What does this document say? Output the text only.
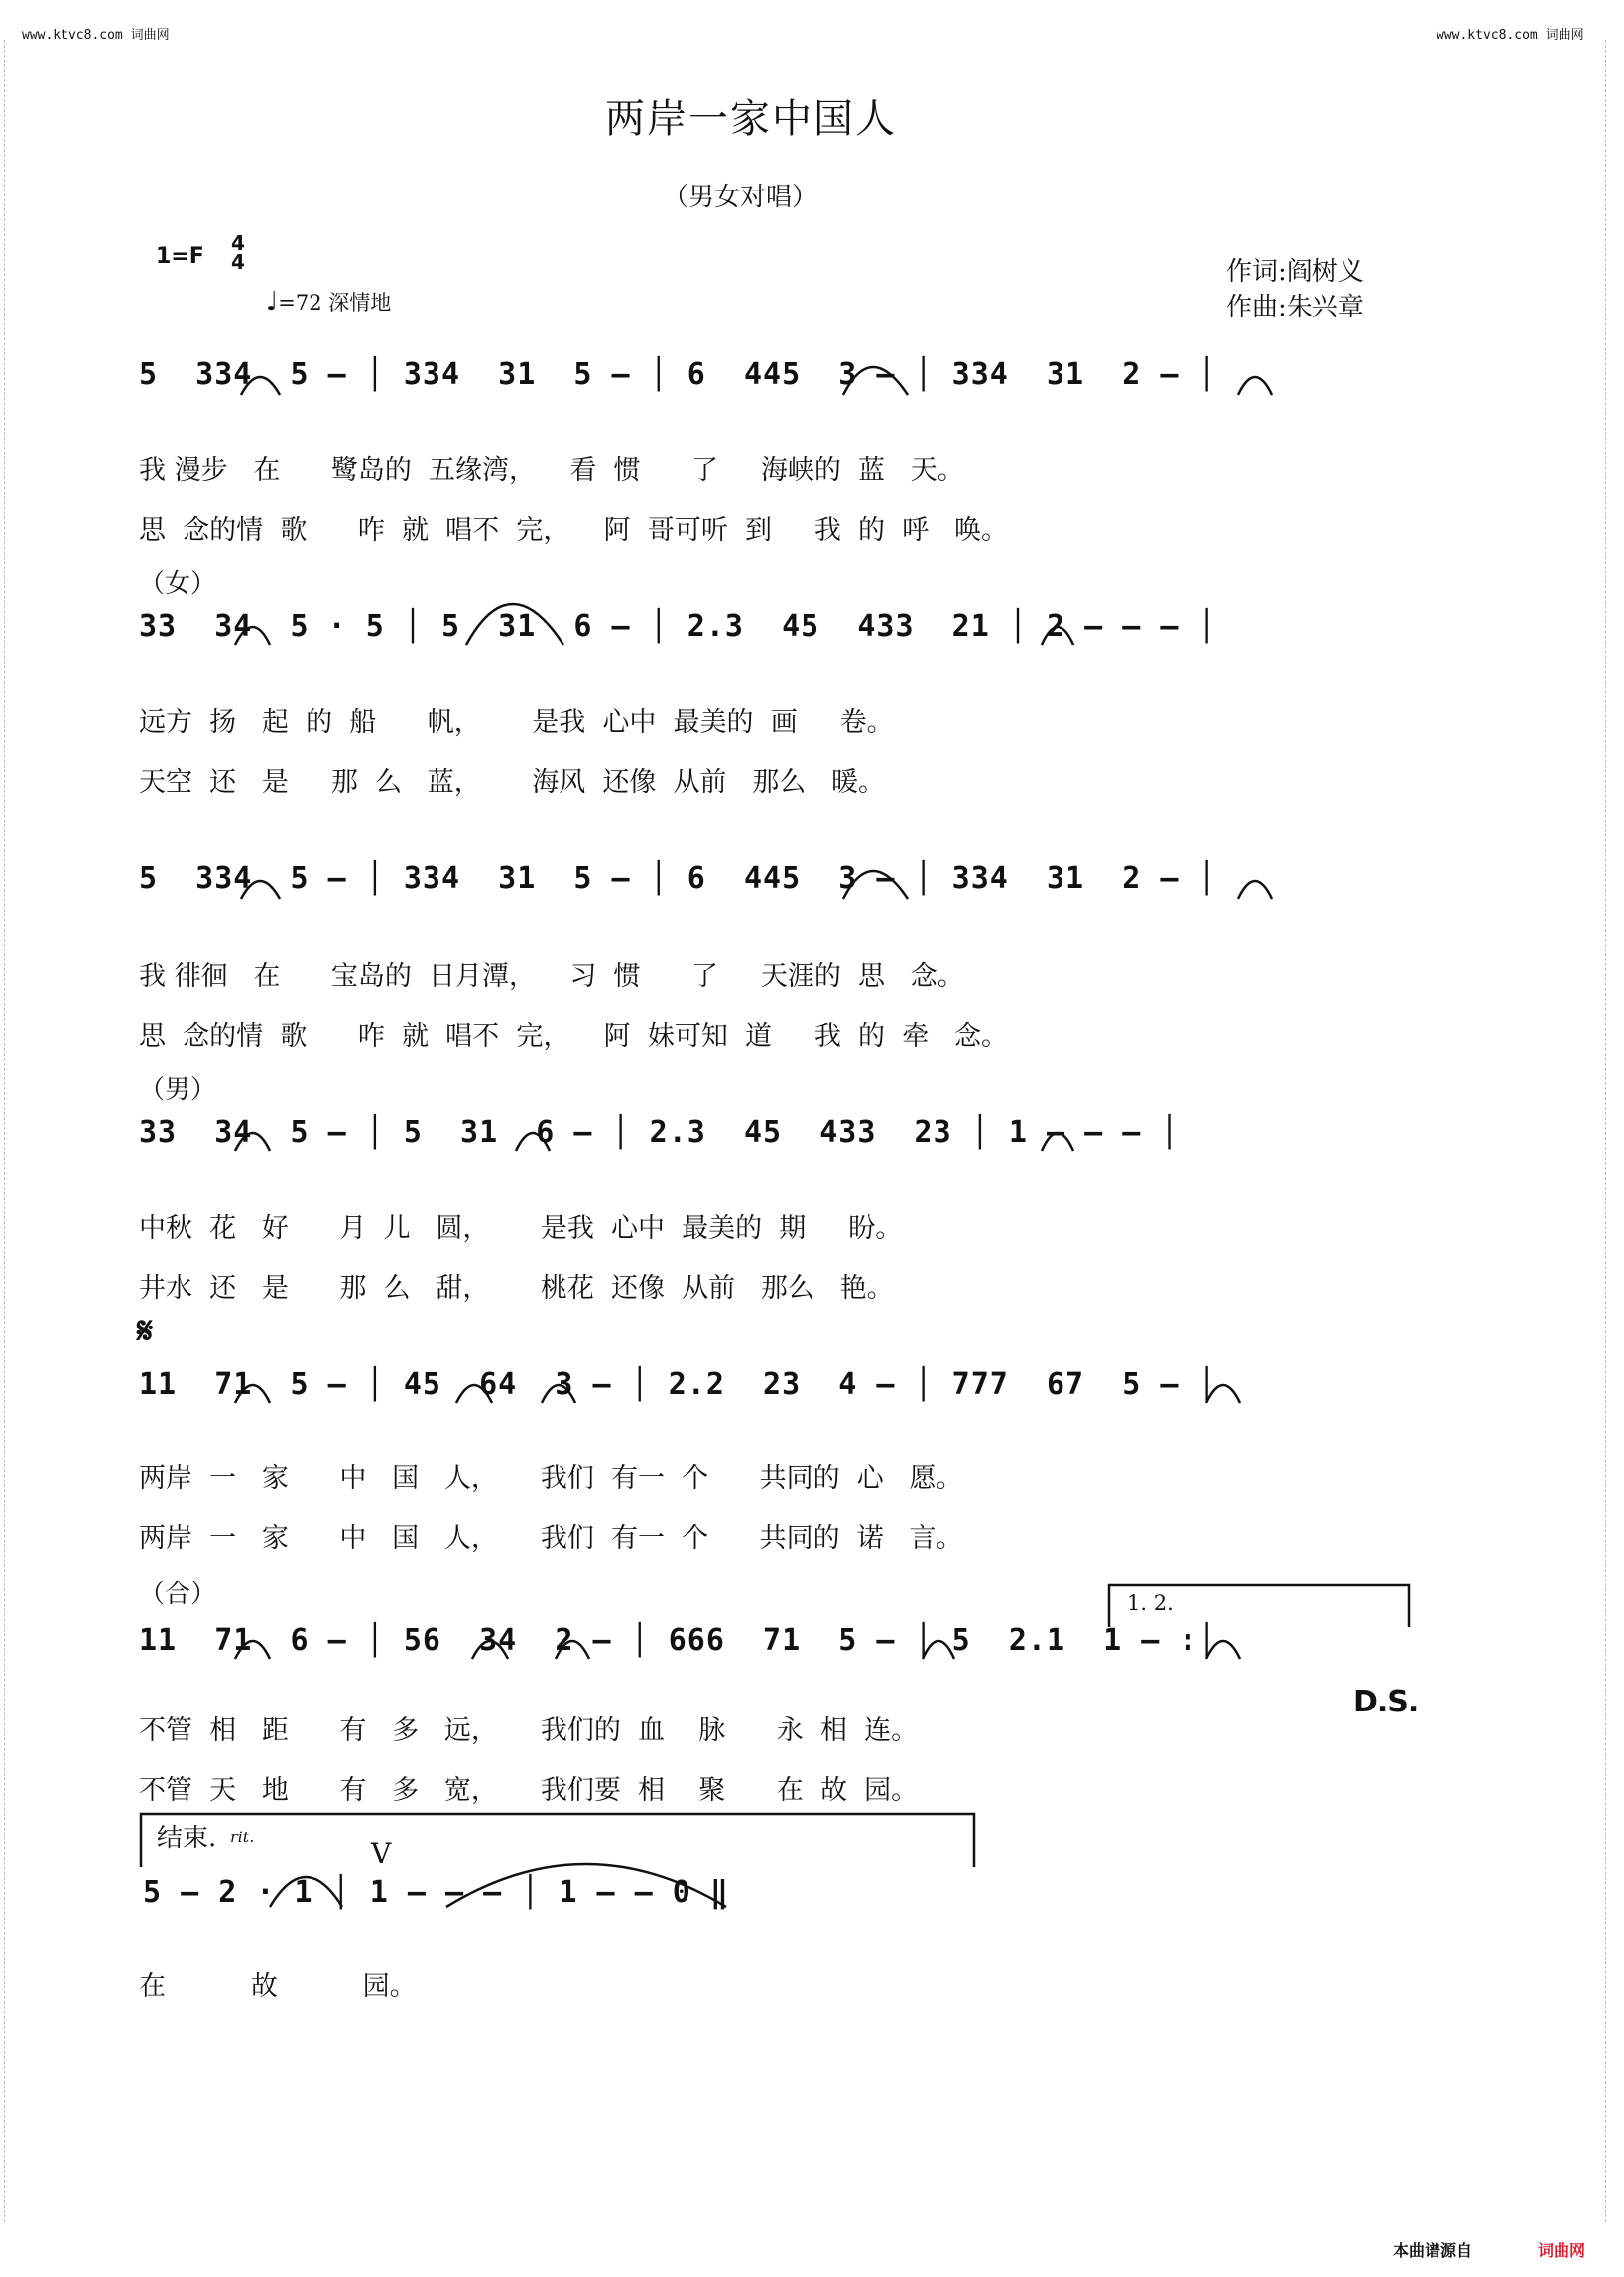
www.ktvc8.com 词曲网	www.ktvc8.com 词曲网
两岸一家中国人
（男女对唱）
1=F
4
4
♩=72 深情地
作词:阎树义
作曲:朱兴章
5  334  5 — │ 334  31  5 — │ 6  445  3 — │ 334  31  2 — │
我 漫步   在      鹭岛的  五缘湾，    看  惯      了     海峡的  蓝   天。
思  念的情  歌      咋  就  唱不  完，    阿  哥可听  到     我  的  呼   唤。
（女）
33  34  5 · 5 │ 5  31  6 — │ 2.3  45  433  21 │ 2 — — — │
远方  扬   起  的  船      帆，      是我  心中  最美的  画     卷。
天空  还   是     那  么   蓝，      海风  还像  从前   那么   暖。
5  334  5 — │ 334  31  5 — │ 6  445  3 — │ 334  31  2 — │
我 徘徊   在      宝岛的  日月潭，    习  惯      了     天涯的  思   念。
思  念的情  歌      咋  就  唱不  完，    阿  妹可知  道     我  的  牵   念。
（男）
33  34  5 — │ 5  31  6 — │ 2.3  45  433  23 │ 1 — — — │
中秋  花   好      月  儿   圆，      是我  心中  最美的  期     盼。
井水  还   是      那  么   甜，      桃花  还像  从前   那么   艳。
𝄋
11  71  5 — │ 45  64  3 — │ 2.2  23  4 — │ 777  67  5 — │
两岸  一   家      中   国   人，     我们  有一  个      共同的  心   愿。
两岸  一   家      中   国   人，     我们  有一  个      共同的  诺   言。
（合）	1. 2.
11  71  6 — │ 56  34  2 — │ 666  71  5 — │ 5  2.1  1 — :│
D.S.
不管  相   距      有   多   远，     我们的  血    脉      永  相  连。
不管  天   地      有   多   宽，     我们要  相    聚      在  故  园。
结束. rit.
V
5 — 2 · 1 │ 1 — — — │ 1 — — 0 ‖
在          故          园。
本曲谱源自	词曲网
